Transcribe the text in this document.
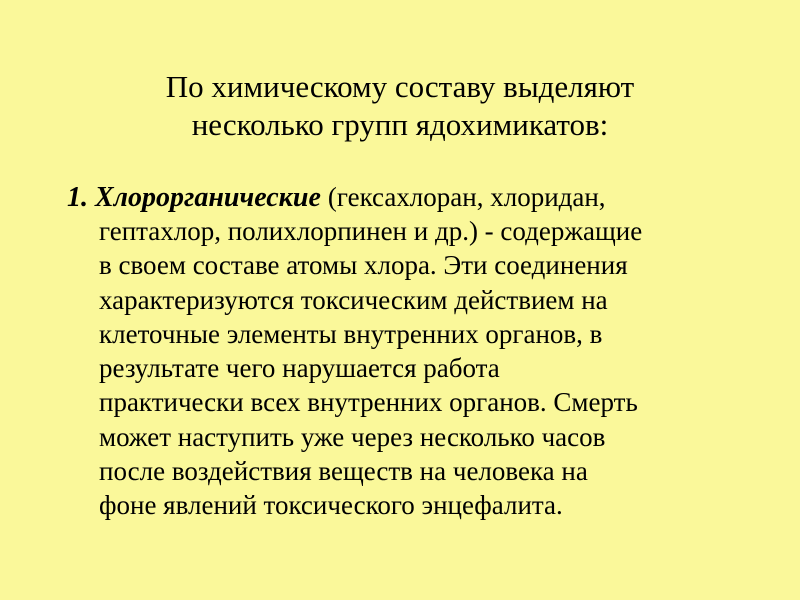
По химическому составу выделяют
несколько групп ядохимикатов:
1. Хлорорганические (гексахлоран, хлоридан,
гептахлор, полихлорпинен и др.) - содержащие
в своем составе атомы хлора. Эти соединения
характеризуются токсическим действием на
клеточные элементы внутренних органов, в
результате чего нарушается работа
практически всех внутренних органов. Смерть
может наступить уже через несколько часов
после воздействия веществ на человека на
фоне явлений токсического энцефалита.
